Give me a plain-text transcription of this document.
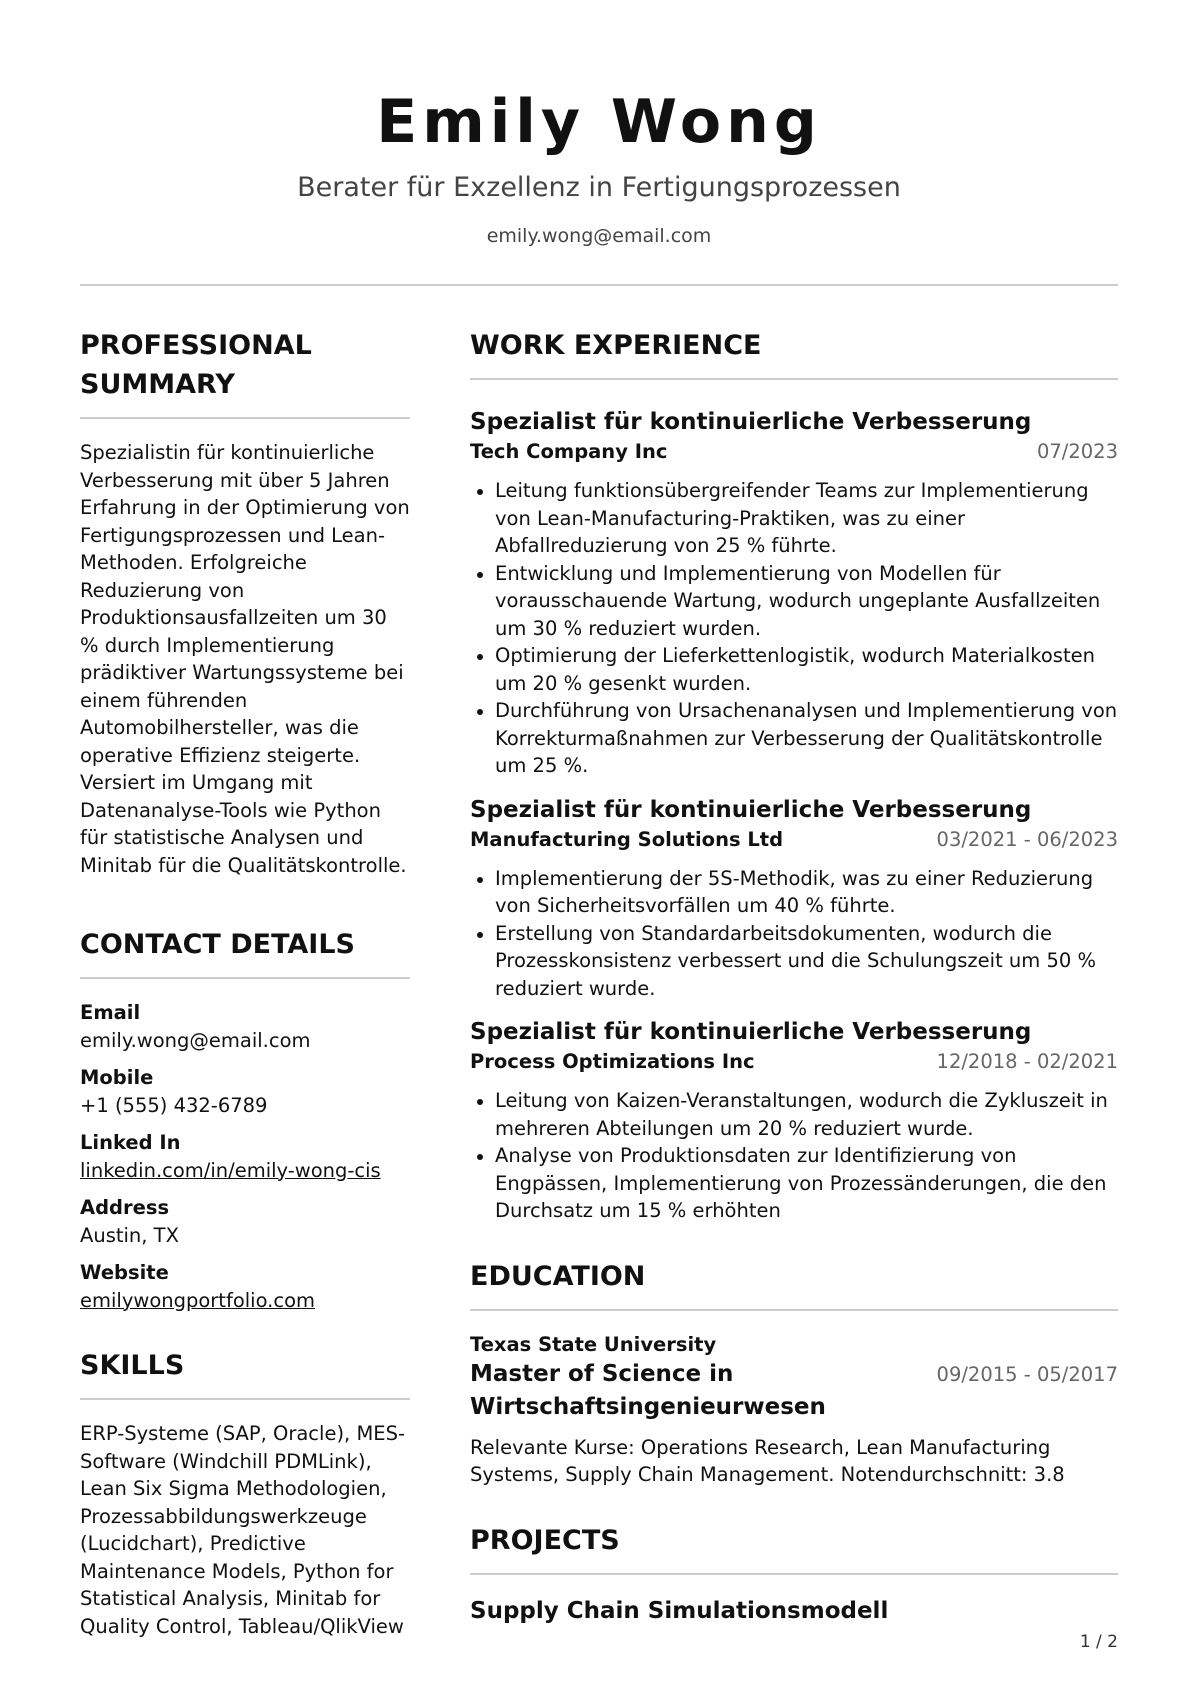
Emily Wong
Berater für Exzellenz in Fertigungsprozessen
emily.wong@email.com
PROFESSIONAL
SUMMARY

Spezialistin für kontinuierliche Verbesserung mit über 5 Jahren Erfahrung in der Optimierung von Fertigungsprozessen und Lean-Methoden. Erfolgreiche Reduzierung von Produktionsausfallzeiten um 30 % durch Implementierung prädiktiver Wartungssysteme bei einem führenden Automobilhersteller, was die operative Effizienz steigerte. Versiert im Umgang mit Datenanalyse-Tools wie Python für statistische Analysen und Minitab für die Qualitätskontrolle.

CONTACT DETAILS
Email
emily.wong@email.com
Mobile
+1 (555) 432-6789
Linked In
linkedin.com/in/emily-wong-cis
Address
Austin, TX
Website
emilywongportfolio.com
SKILLS

ERP-Systeme (SAP, Oracle), MES-Software (Windchill PDMLink), Lean Six Sigma Methodologien, Prozessabbildungswerkzeuge (Lucidchart), Predictive Maintenance Models, Python for Statistical Analysis, Minitab for Quality Control, Tableau/QlikView

WORK EXPERIENCE
Spezialist für kontinuierliche Verbesserung
Tech Company Inc	07/2023
Leitung funktionsübergreifender Teams zur Implementierung von Lean-Manufacturing-Praktiken, was zu einer Abfallreduzierung von 25 % führte.
Entwicklung und Implementierung von Modellen für vorausschauende Wartung, wodurch ungeplante Ausfallzeiten um 30 % reduziert wurden.
Optimierung der Lieferkettenlogistik, wodurch Materialkosten um 20 % gesenkt wurden.
Durchführung von Ursachenanalysen und Implementierung von Korrekturmaßnahmen zur Verbesserung der Qualitätskontrolle um 25 %.
Spezialist für kontinuierliche Verbesserung
Manufacturing Solutions Ltd	03/2021 - 06/2023
Implementierung der 5S-Methodik, was zu einer Reduzierung von Sicherheitsvorfällen um 40 % führte.
Erstellung von Standardarbeitsdokumenten, wodurch die Prozesskonsistenz verbessert und die Schulungszeit um 50 % reduziert wurde.
Spezialist für kontinuierliche Verbesserung
Process Optimizations Inc	12/2018 - 02/2021
Leitung von Kaizen-Veranstaltungen, wodurch die Zykluszeit in mehreren Abteilungen um 20 % reduziert wurde.
Analyse von Produktionsdaten zur Identifizierung von Engpässen, Implementierung von Prozessänderungen, die den Durchsatz um 15 % erhöhten
EDUCATION
Texas State University
Master of Science in Wirtschaftsingenieurwesen
09/2015 - 05/2017

Relevante Kurse: Operations Research, Lean Manufacturing Systems, Supply Chain Management. Notendurchschnitt: 3.8

PROJECTS
Supply Chain Simulationsmodell
1 / 2
